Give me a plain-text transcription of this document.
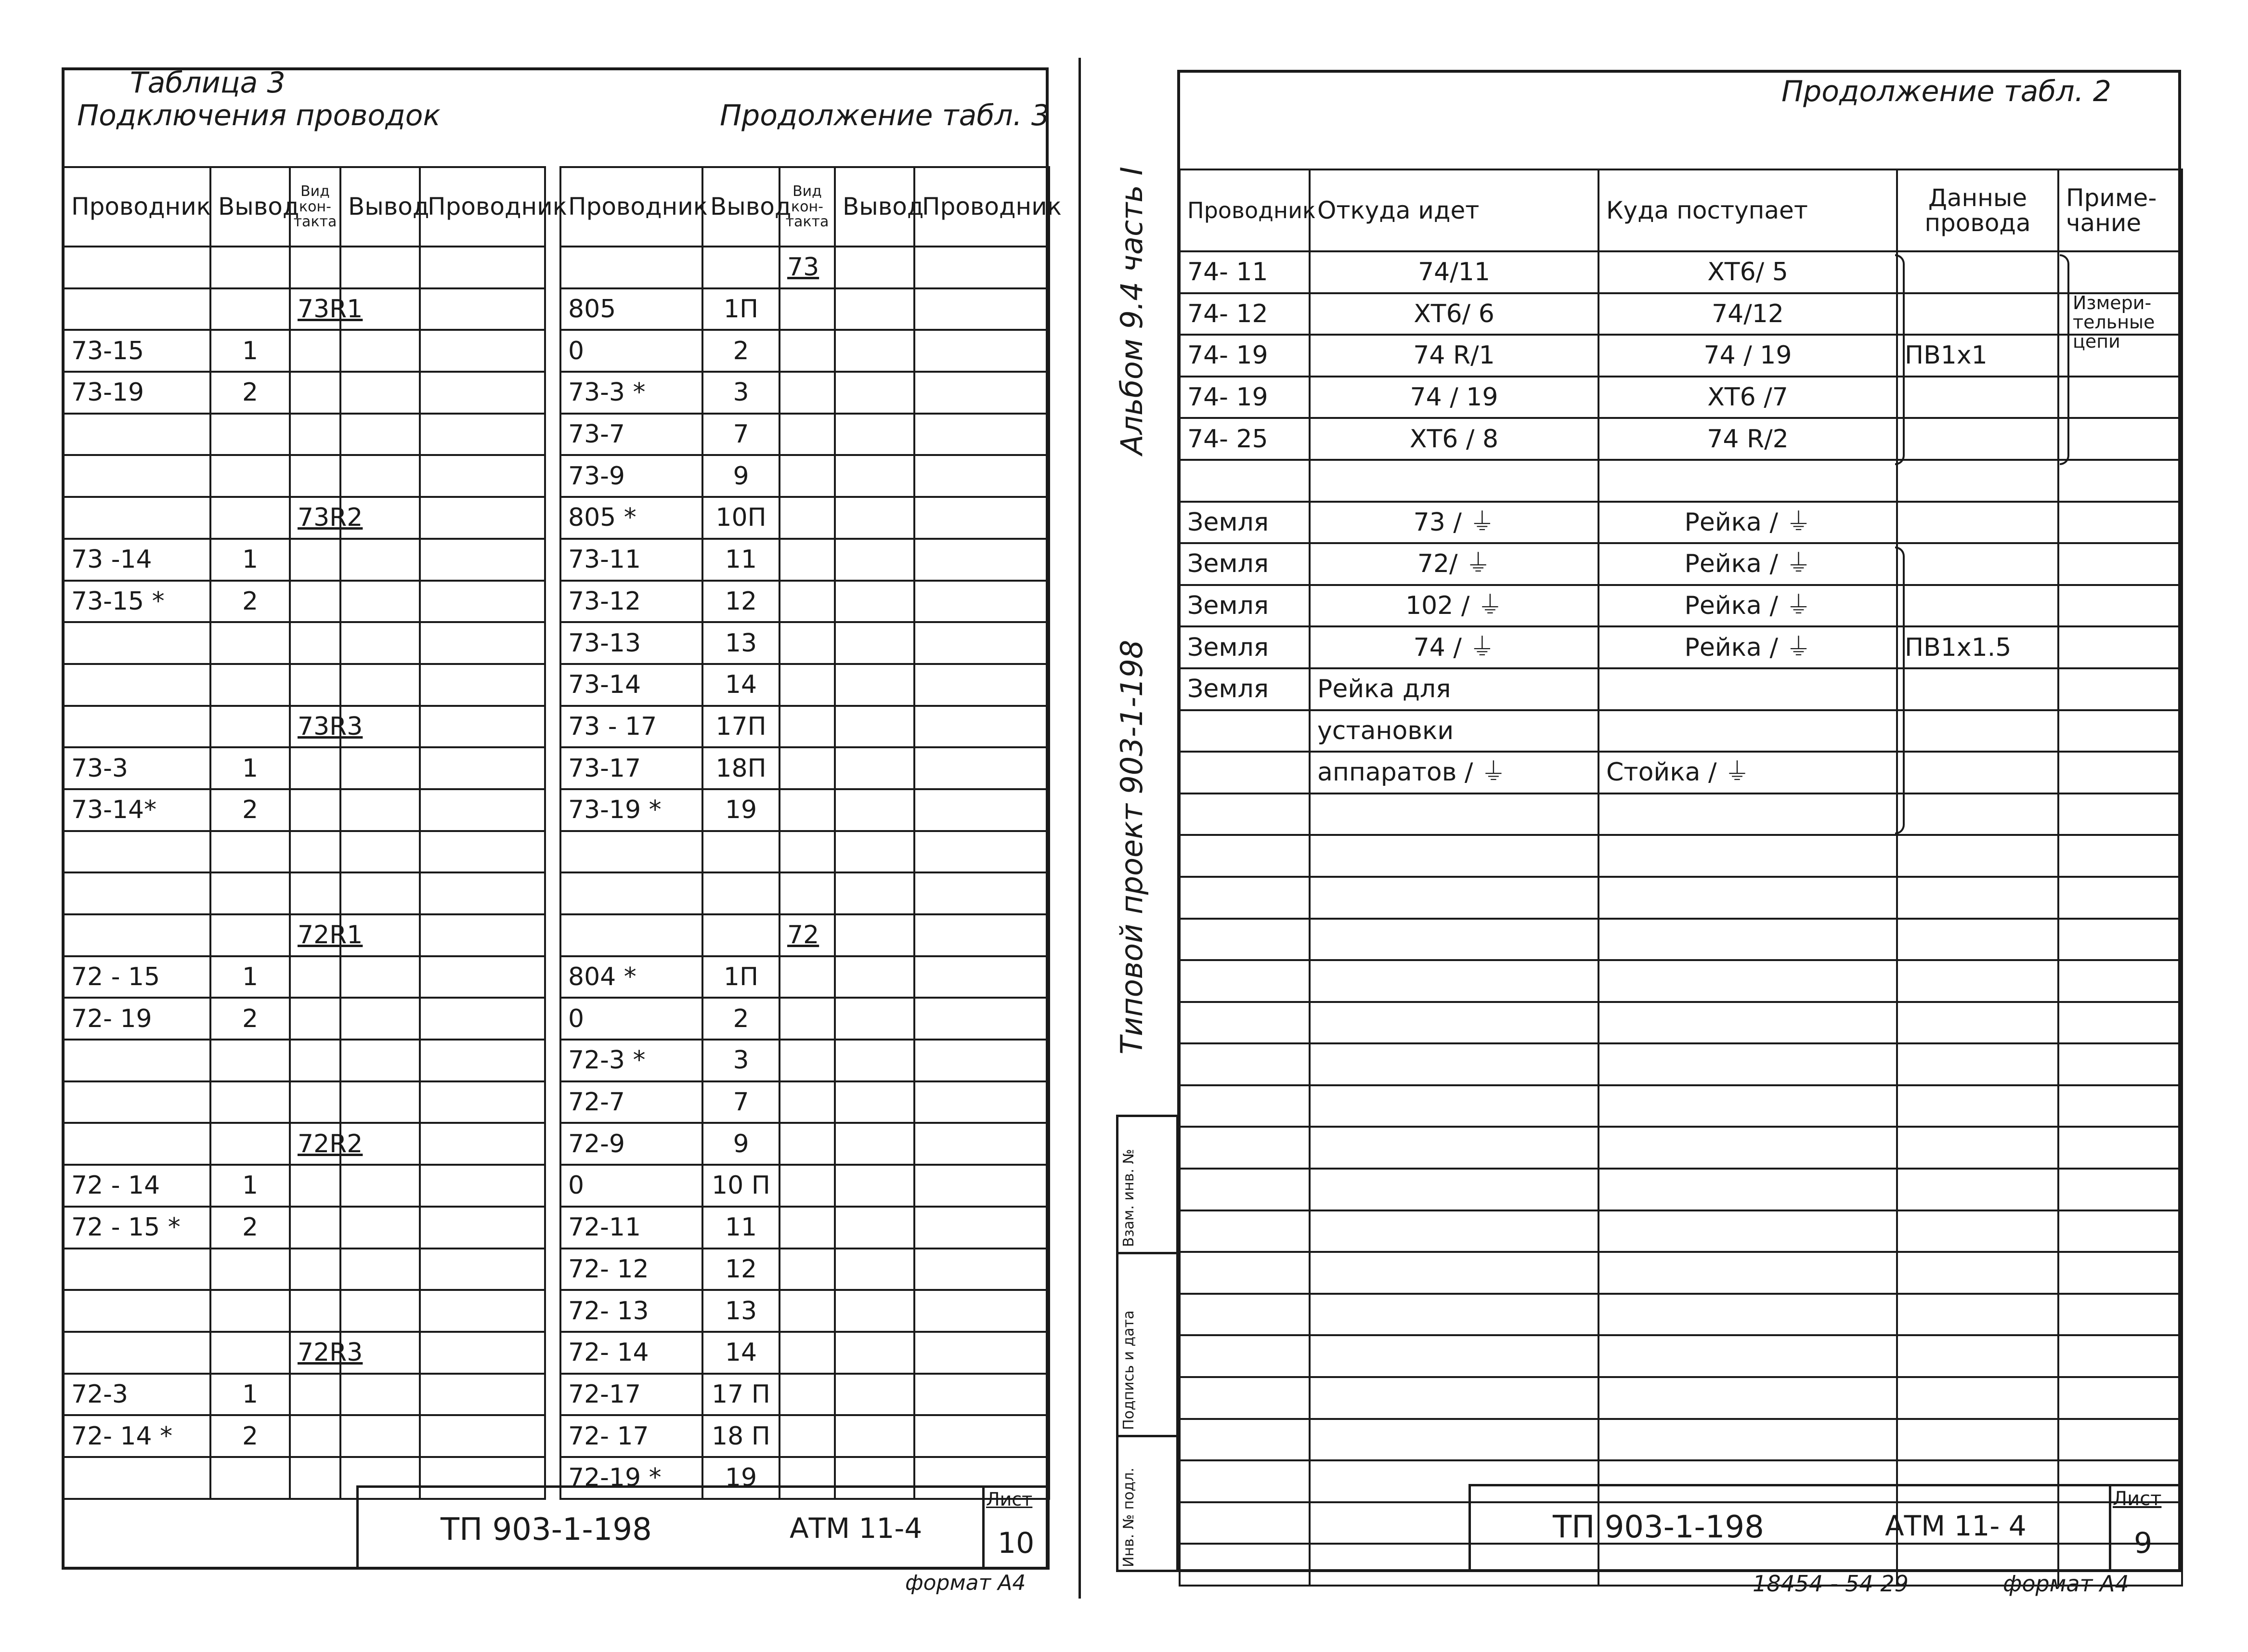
Таблица 3
Подключения проводок	Продолжение табл. 3
Проводник	Вывод	Вид кон- такта	Вывод	Проводник

		73R1		
73-15	1			
73-19	2			

		73R2		
73 -14	1			
73-15 *	2			

		73R3		
73-3	1			
73-14*	2			

		72R1		
72 - 15	1			
72- 19	2			

		72R2		
72 - 14	1			
72 - 15 *	2			

		72R3		
72-3	1			
72- 14 *	2			

Проводник	Вывод	Вид кон- такта	Вывод	Проводник
		73		
805	1П			
0	2			
73-3 *	3			
73-7	7			
73-9	9			
805 *	10П			
73-11	11			
73-12	12			
73-13	13			
73-14	14			
73 - 17	17П			
73-17	18П			
73-19 *	19			

		72		
804 *	1П			
0	2			
72-3 *	3			
72-7	7			
72-9	9			
0	10 П			
72-11	11			
72- 12	12			
72- 13	13			
72- 14	14			
72-17	17 П			
72- 17	18 П			
72-19 *	19			
ТП 903-1-198	АТМ 11-4
Лист
10
формат А4
Продолжение табл. 2
Альбом 9.4 часть I
Типовой проект 903-1-198
Инв. № подл.
Подпись и дата
Взам. инв. №
Проводник	Откуда идет	Куда поступает	Данные провода	Приме- чание
74- 11	74/11	ХТ6/ 5		
74- 12	ХТ6/ 6	74/12		
74- 19	74 R/1	74 / 19	ПВ1х1	
74- 19	74 / 19	ХТ6 /7		
74- 25	ХТ6 / 8	74 R/2		

Земля	73 / ⏚	Рейка / ⏚		
Земля	72/ ⏚	Рейка / ⏚		
Земля	102 / ⏚	Рейка / ⏚		
Земля	74 / ⏚	Рейка / ⏚	ПВ1х1.5	
Земля	Рейка для			
	установки			
	аппаратов / ⏚	Стойка / ⏚		

Измери- тельные цепи
ТП 903-1-198	АТМ 11- 4
Лист
9
18454 - 54 29	формат А4
